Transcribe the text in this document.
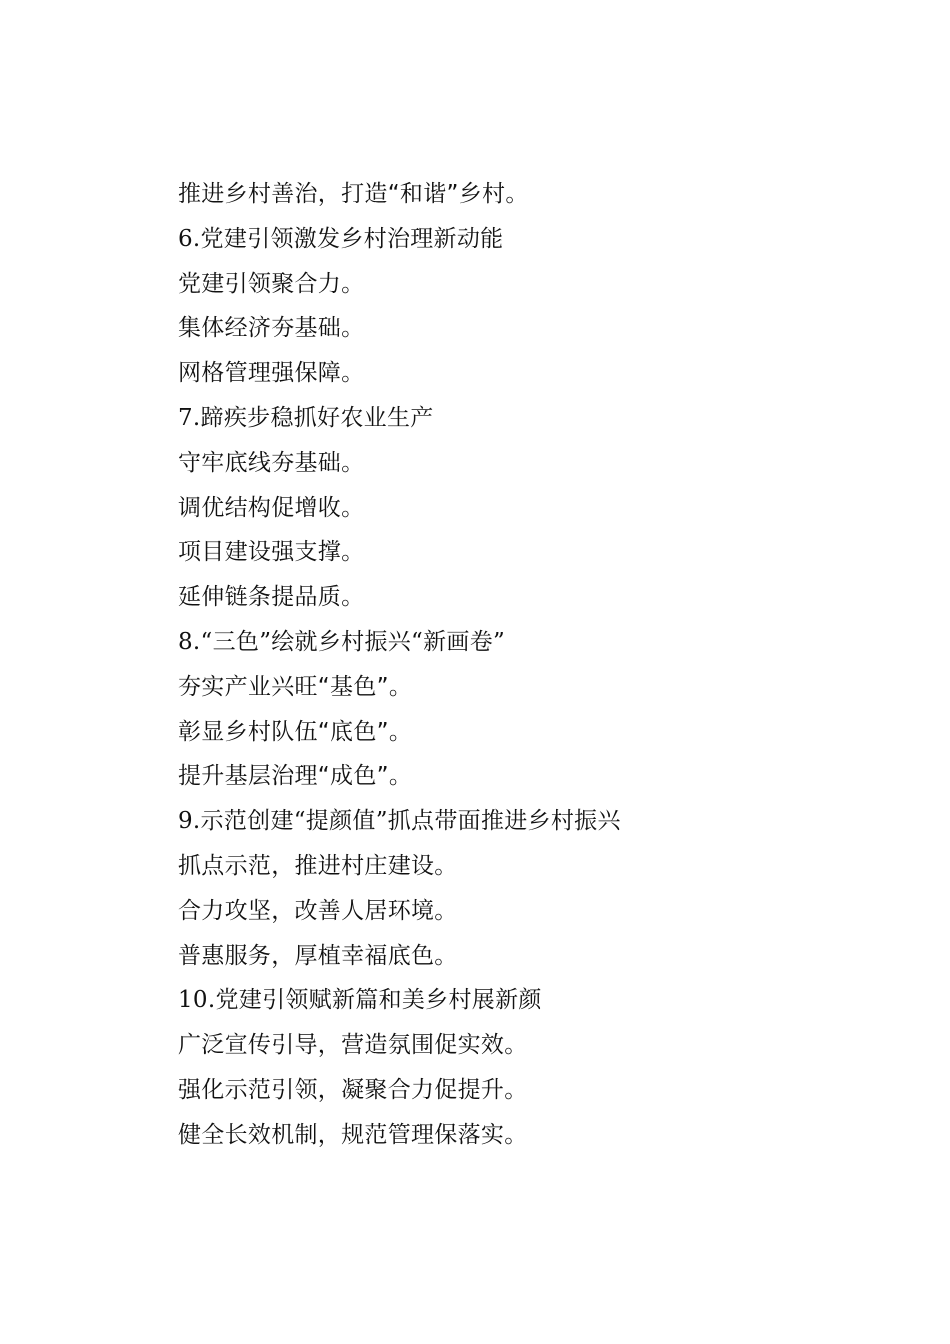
推进乡村善治，打造“和谐”乡村。
6.党建引领激发乡村治理新动能
党建引领聚合力。
集体经济夯基础。
网格管理强保障。
7.蹄疾步稳抓好农业生产
守牢底线夯基础。
调优结构促增收。
项目建设强支撑。
延伸链条提品质。
8.“三色”绘就乡村振兴“新画卷”
夯实产业兴旺“基色”。
彰显乡村队伍“底色”。
提升基层治理“成色”。
9.示范创建“提颜值”抓点带面推进乡村振兴
抓点示范，推进村庄建设。
合力攻坚，改善人居环境。
普惠服务，厚植幸福底色。
10.党建引领赋新篇和美乡村展新颜
广泛宣传引导，营造氛围促实效。
强化示范引领，凝聚合力促提升。
健全长效机制，规范管理保落实。
